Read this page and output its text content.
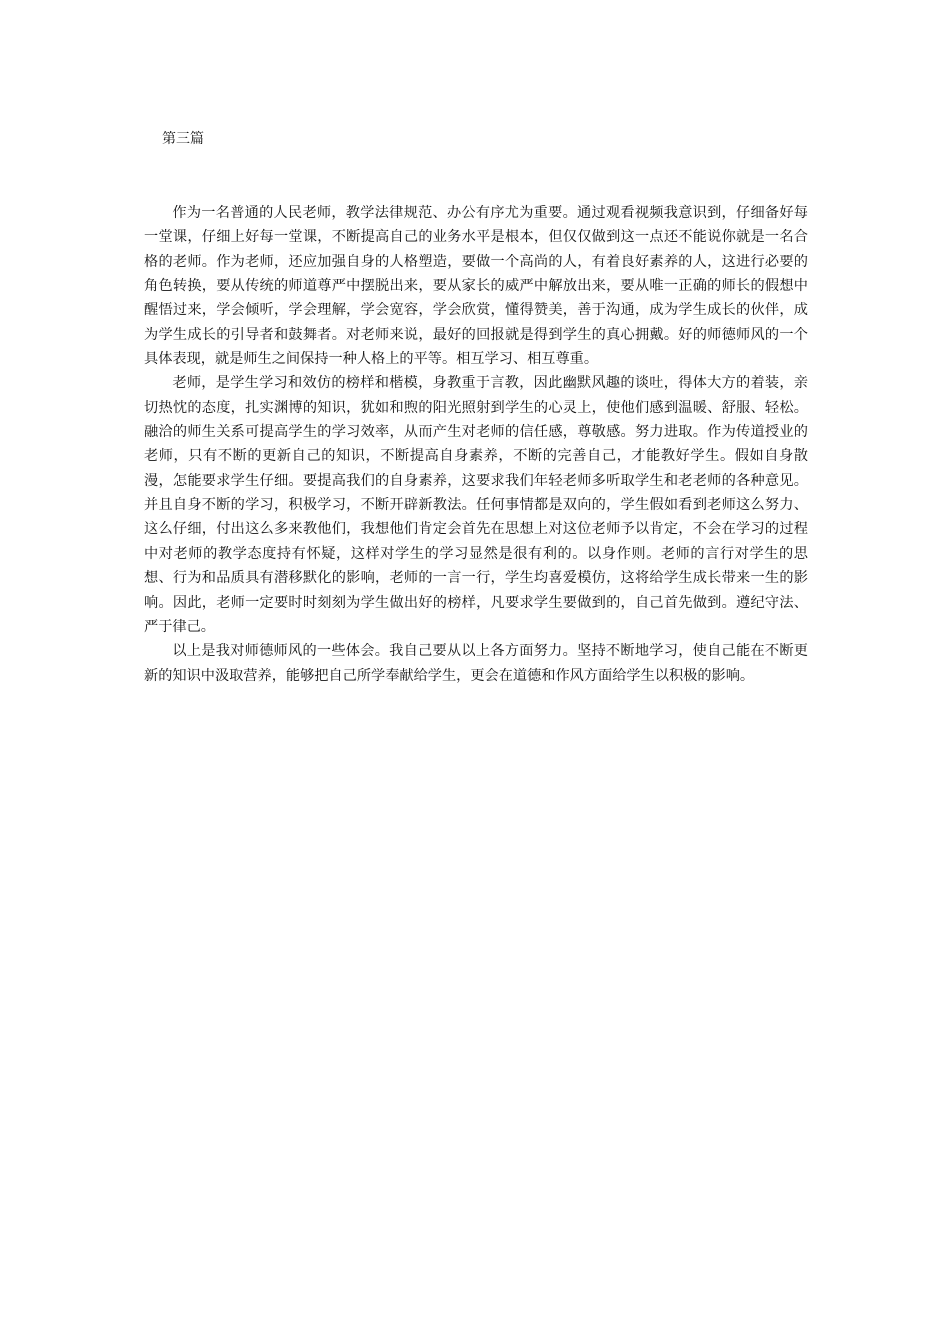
第三篇

作为一名普通的人民老师，教学法律规范、办公有序尤为重要。通过观看视频我意识到，仔细备好每一堂课，仔细上好每一堂课，不断提高自己的业务水平是根本，但仅仅做到这一点还不能说你就是一名合格的老师。作为老师，还应加强自身的人格塑造，要做一个高尚的人，有着良好素养的人，这进行必要的角色转换，要从传统的师道尊严中摆脱出来，要从家长的威严中解放出来，要从唯一正确的师长的假想中醒悟过来，学会倾听，学会理解，学会宽容，学会欣赏，懂得赞美，善于沟通，成为学生成长的伙伴，成为学生成长的引导者和鼓舞者。对老师来说，最好的回报就是得到学生的真心拥戴。好的师德师风的一个具体表现，就是师生之间保持一种人格上的平等。相互学习、相互尊重。

老师，是学生学习和效仿的榜样和楷模，身教重于言教，因此幽默风趣的谈吐，得体大方的着装，亲切热忱的态度，扎实渊博的知识，犹如和煦的阳光照射到学生的心灵上，使他们感到温暖、舒服、轻松。融洽的师生关系可提高学生的学习效率，从而产生对老师的信任感，尊敬感。努力进取。作为传道授业的老师，只有不断的更新自己的知识，不断提高自身素养，不断的完善自己，才能教好学生。假如自身散漫，怎能要求学生仔细。要提高我们的自身素养，这要求我们年轻老师多听取学生和老老师的各种意见。并且自身不断的学习，积极学习，不断开辟新教法。任何事情都是双向的，学生假如看到老师这么努力、这么仔细，付出这么多来教他们，我想他们肯定会首先在思想上对这位老师予以肯定，不会在学习的过程中对老师的教学态度持有怀疑，这样对学生的学习显然是很有利的。以身作则。老师的言行对学生的思想、行为和品质具有潜移默化的影响，老师的一言一行，学生均喜爱模仿，这将给学生成长带来一生的影响。因此，老师一定要时时刻刻为学生做出好的榜样，凡要求学生要做到的，自己首先做到。遵纪守法、严于律己。

以上是我对师德师风的一些体会。我自己要从以上各方面努力。坚持不断地学习，使自己能在不断更新的知识中汲取营养，能够把自己所学奉献给学生，更会在道德和作风方面给学生以积极的影响。
